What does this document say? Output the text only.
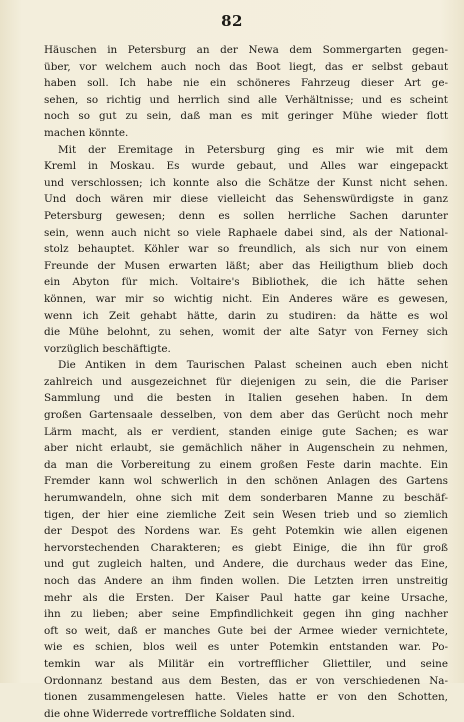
82
Häuschen in Petersburg an der Newa dem Sommergarten gegen-
über, vor welchem auch noch das Boot liegt, das er selbst gebaut
haben soll. Ich habe nie ein schöneres Fahrzeug dieser Art ge-
sehen, so richtig und herrlich sind alle Verhältnisse; und es scheint
noch so gut zu sein, daß man es mit geringer Mühe wieder flott
machen könnte.
Mit der Eremitage in Petersburg ging es mir wie mit dem
Kreml in Moskau. Es wurde gebaut, und Alles war eingepackt
und verschlossen; ich konnte also die Schätze der Kunst nicht sehen.
Und doch wären mir diese vielleicht das Sehenswürdigste in ganz
Petersburg gewesen; denn es sollen herrliche Sachen darunter
sein, wenn auch nicht so viele Raphaele dabei sind, als der National-
stolz behauptet. Köhler war so freundlich, als sich nur von einem
Freunde der Musen erwarten läßt; aber das Heiligthum blieb doch
ein Abyton für mich. Voltaire's Bibliothek, die ich hätte sehen
können, war mir so wichtig nicht. Ein Anderes wäre es gewesen,
wenn ich Zeit gehabt hätte, darin zu studiren: da hätte es wol
die Mühe belohnt, zu sehen, womit der alte Satyr von Ferney sich
vorzüglich beschäftigte.
Die Antiken in dem Taurischen Palast scheinen auch eben nicht
zahlreich und ausgezeichnet für diejenigen zu sein, die die Pariser
Sammlung und die besten in Italien gesehen haben. In dem
großen Gartensaale desselben, von dem aber das Gerücht noch mehr
Lärm macht, als er verdient, standen einige gute Sachen; es war
aber nicht erlaubt, sie gemächlich näher in Augenschein zu nehmen,
da man die Vorbereitung zu einem großen Feste darin machte. Ein
Fremder kann wol schwerlich in den schönen Anlagen des Gartens
herumwandeln, ohne sich mit dem sonderbaren Manne zu beschäf-
tigen, der hier eine ziemliche Zeit sein Wesen trieb und so ziemlich
der Despot des Nordens war. Es geht Potemkin wie allen eigenen
hervorstechenden Charakteren; es giebt Einige, die ihn für groß
und gut zugleich halten, und Andere, die durchaus weder das Eine,
noch das Andere an ihm finden wollen. Die Letzten irren unstreitig
mehr als die Ersten. Der Kaiser Paul hatte gar keine Ursache,
ihn zu lieben; aber seine Empfindlichkeit gegen ihn ging nachher
oft so weit, daß er manches Gute bei der Armee wieder vernichtete,
wie es schien, blos weil es unter Potemkin entstanden war. Po-
temkin war als Militär ein vortrefflicher Gliettiler, und seine
Ordonnanz bestand aus dem Besten, das er von verschiedenen Na-
tionen zusammengelesen hatte. Vieles hatte er von den Schotten,
die ohne Widerrede vortreffliche Soldaten sind.
